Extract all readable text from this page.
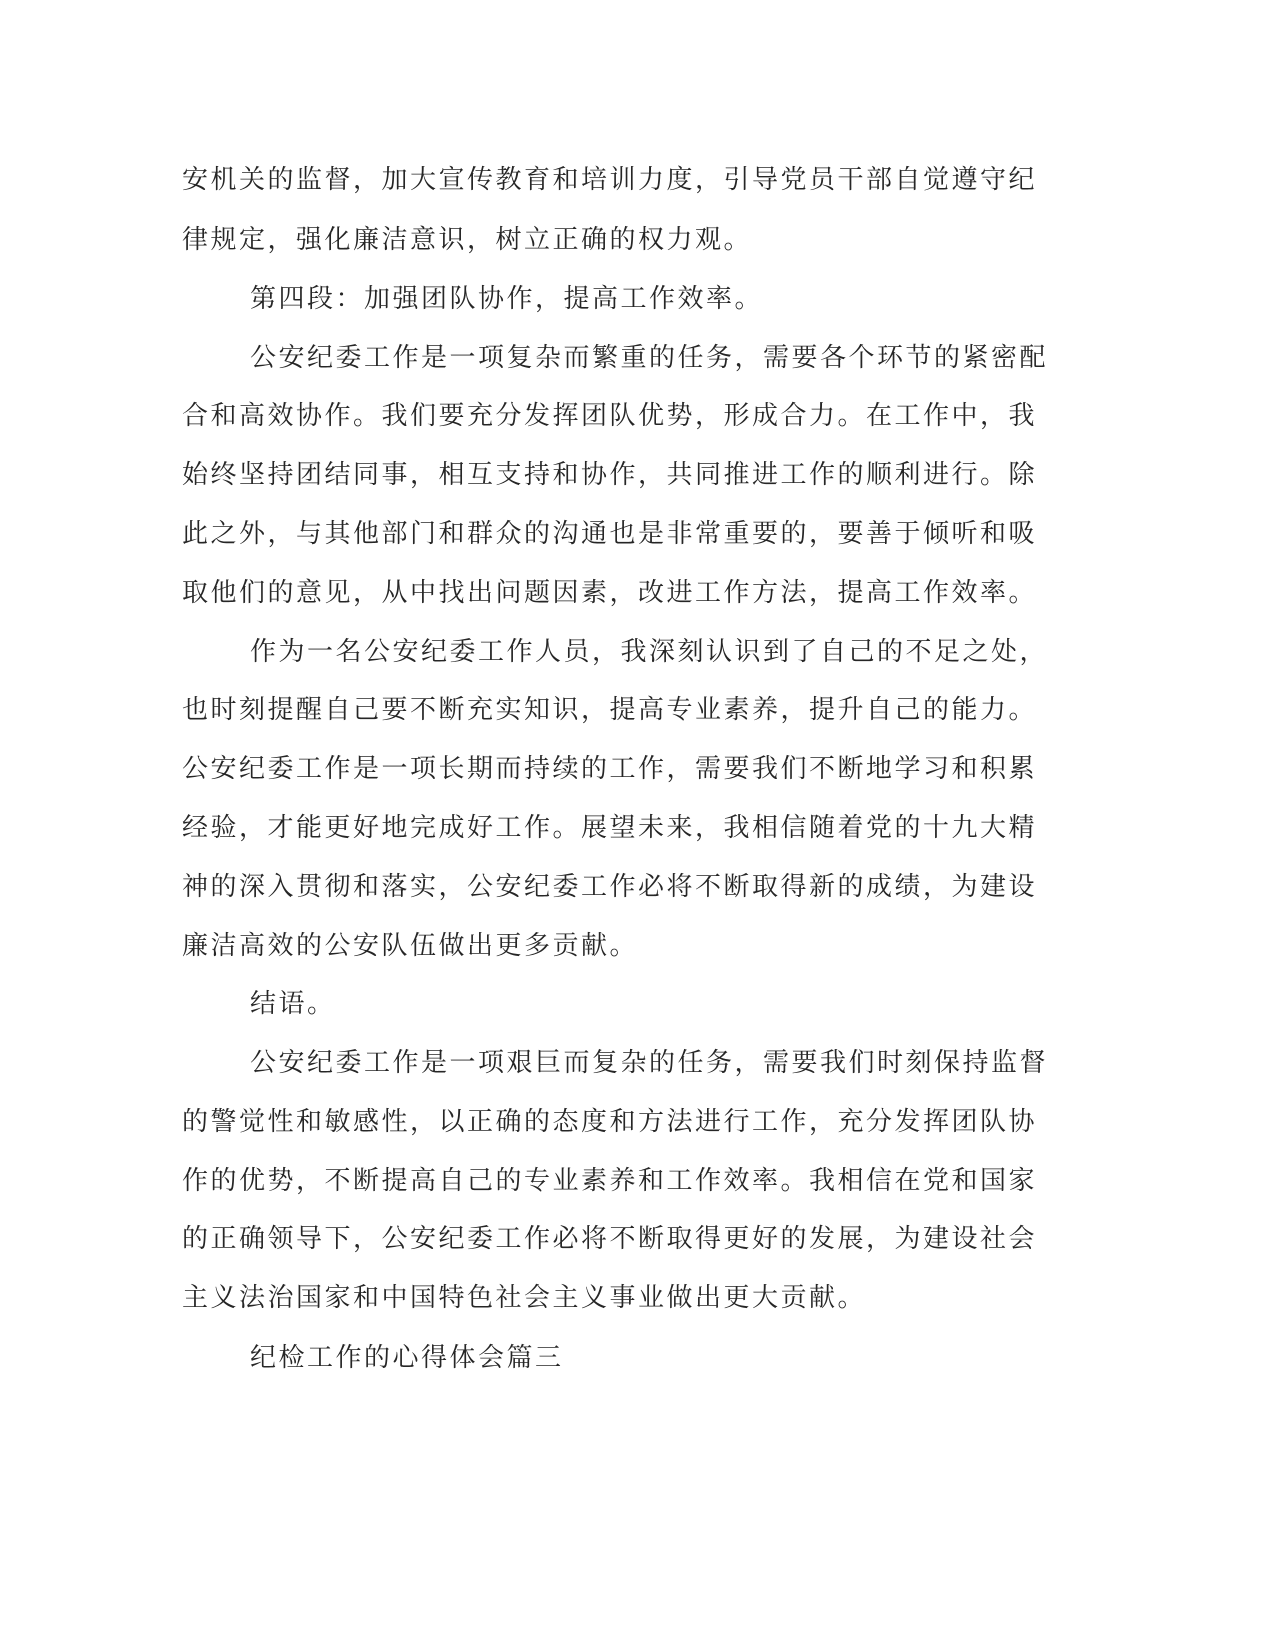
安机关的监督，加大宣传教育和培训力度，引导党员干部自觉遵守纪
律规定，强化廉洁意识，树立正确的权力观。
第四段：加强团队协作，提高工作效率。
公安纪委工作是一项复杂而繁重的任务，需要各个环节的紧密配
合和高效协作。我们要充分发挥团队优势，形成合力。在工作中，我
始终坚持团结同事，相互支持和协作，共同推进工作的顺利进行。除
此之外，与其他部门和群众的沟通也是非常重要的，要善于倾听和吸
取他们的意见，从中找出问题因素，改进工作方法，提高工作效率。
作为一名公安纪委工作人员，我深刻认识到了自己的不足之处，
也时刻提醒自己要不断充实知识，提高专业素养，提升自己的能力。
公安纪委工作是一项长期而持续的工作，需要我们不断地学习和积累
经验，才能更好地完成好工作。展望未来，我相信随着党的十九大精
神的深入贯彻和落实，公安纪委工作必将不断取得新的成绩，为建设
廉洁高效的公安队伍做出更多贡献。
结语。
公安纪委工作是一项艰巨而复杂的任务，需要我们时刻保持监督
的警觉性和敏感性，以正确的态度和方法进行工作，充分发挥团队协
作的优势，不断提高自己的专业素养和工作效率。我相信在党和国家
的正确领导下，公安纪委工作必将不断取得更好的发展，为建设社会
主义法治国家和中国特色社会主义事业做出更大贡献。
纪检工作的心得体会篇三
